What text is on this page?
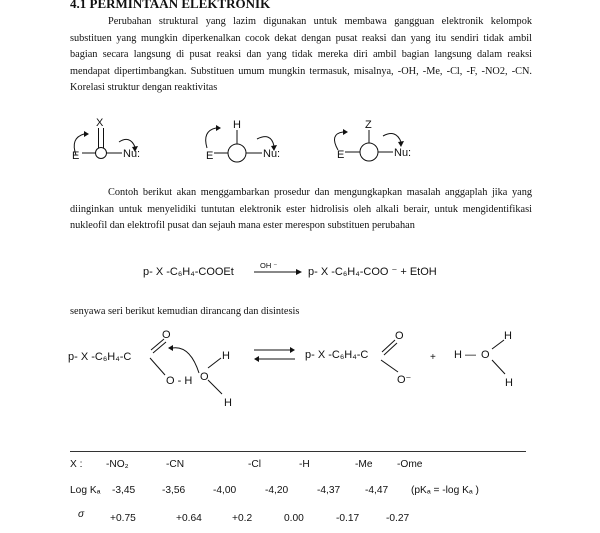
4.1 PERMINTAAN ELEKTRONIK

Perubahan struktural yang lazim digunakan untuk membawa gangguan elektronik kelompok substituen yang mungkin diperkenalkan cocok dekat dengan pusat reaksi dan yang itu sendiri tidak ambil bagian secara langsung di pusat reaksi dan yang tidak mereka diri ambil bagian langsung dalam reaksi mendapat dipertimbangkan. Substituen umum mungkin termasuk, misalnya, -OH, -Me, -Cl, -F, -NO2, -CN. Korelasi struktur dengan reaktivitas

X	H	Z
E	E	E
Nu:	Nu:	Nu:

Contoh berikut akan menggambarkan prosedur dan mengungkapkan masalah anggaplah jika yang diinginkan untuk menyelidiki tuntutan elektronik ester hidrolisis oleh alkali berair, untuk mengidentifikasi nukleofil dan elektrofil pusat dan sejauh mana ester merespon substituen perubahan

p- X -C₆H₄-COOEt
OH ⁻
p- X -C₆H₄-COO ⁻ + EtOH
senyawa seri berikut kemudian dirancang dan disintesis
p- X -C₆H₄-C
O
O - H O
H
H
p- X -C₆H₄-C
O
O⁻
+ H — O
H
H
X : -NO₂	-CN	-Cl	-H	-Me -Ome
Log Kₐ -3,45	-3,56	-4,00	-4,20	-4,37 -4,47 (pKₐ = -log Kₐ )
σ	+0.75	+0.64	+0.2	0.00	-0.17	-0.27
